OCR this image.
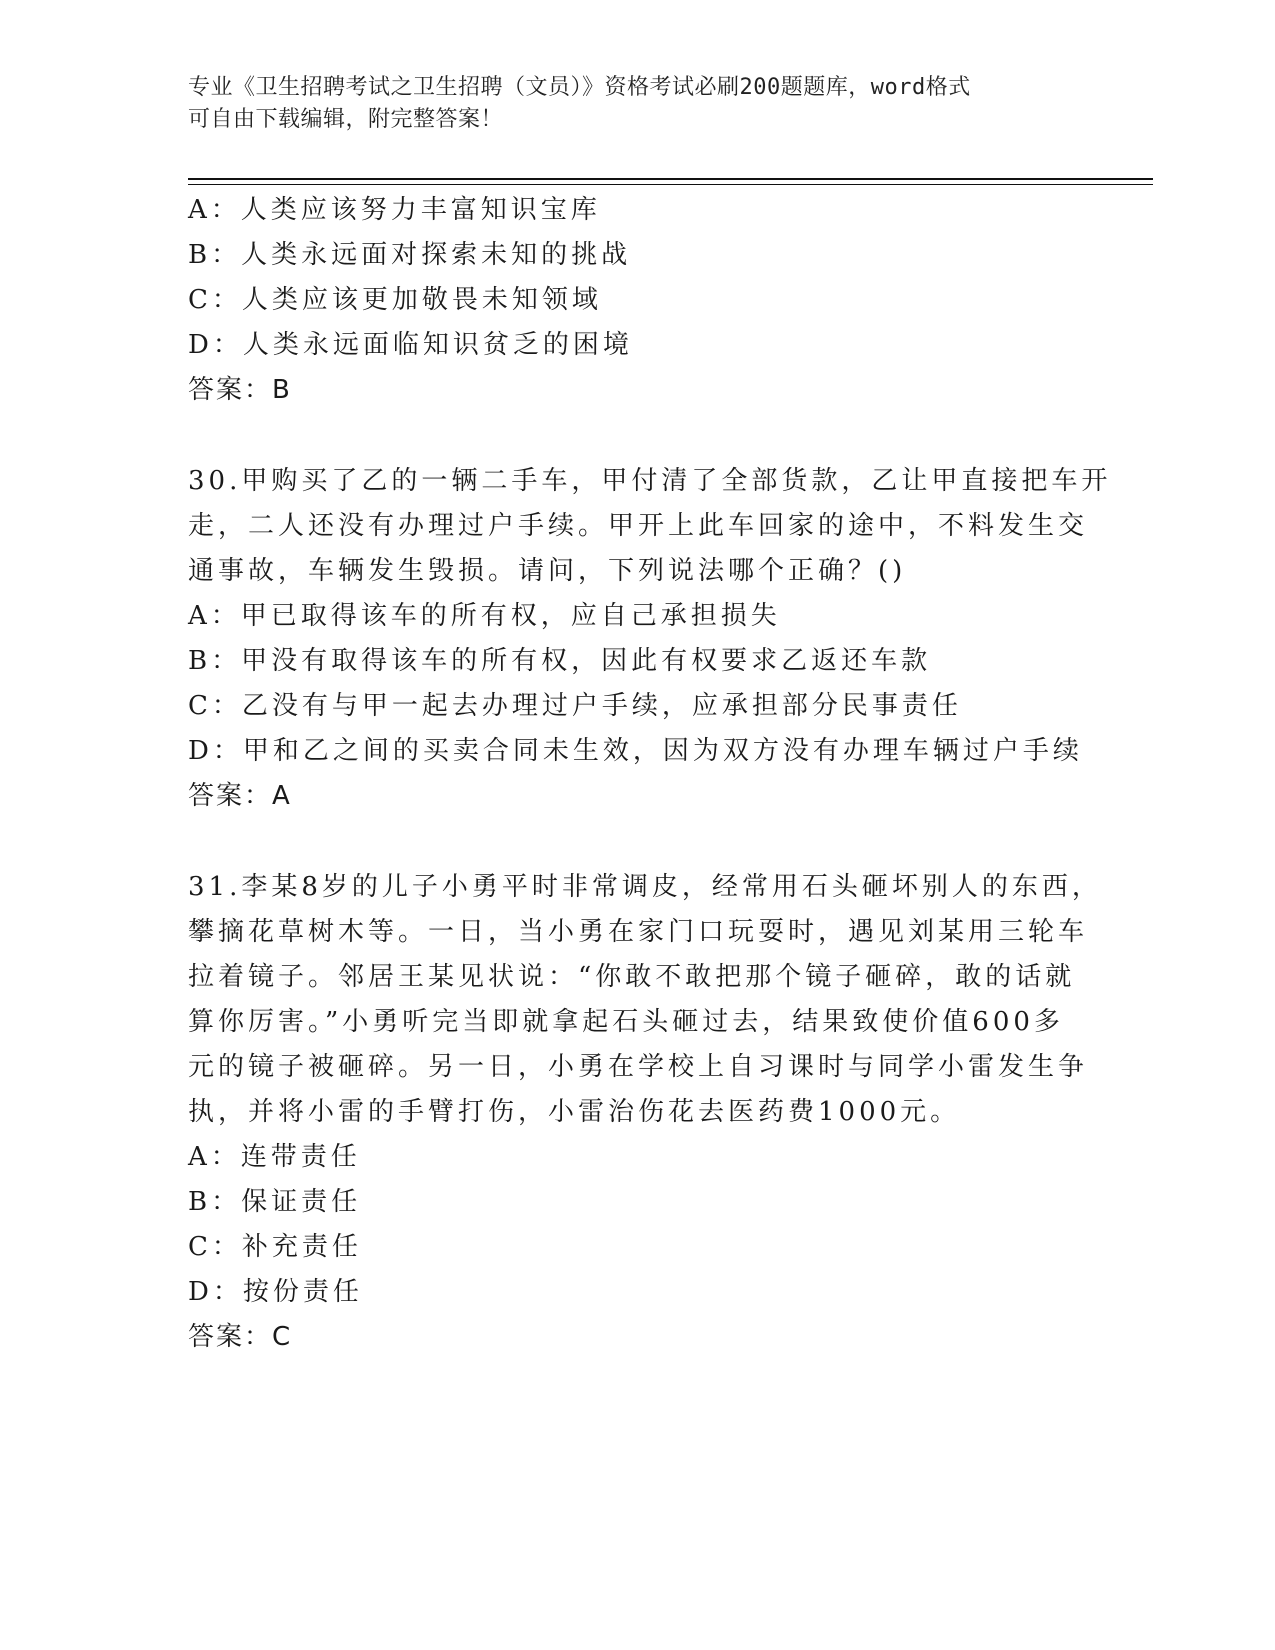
专业《卫生招聘考试之卫生招聘（文员）》资格考试必刷200题题库，word格式
可自由下载编辑，附完整答案！
A：人类应该努力丰富知识宝库
B：人类永远面对探索未知的挑战
C：人类应该更加敬畏未知领域
D：人类永远面临知识贫乏的困境
答案：B
30.甲购买了乙的一辆二手车，甲付清了全部货款，乙让甲直接把车开
走，二人还没有办理过户手续。甲开上此车回家的途中，不料发生交
通事故，车辆发生毁损。请问，下列说法哪个正确？()
A：甲已取得该车的所有权，应自己承担损失
B：甲没有取得该车的所有权，因此有权要求乙返还车款
C：乙没有与甲一起去办理过户手续，应承担部分民事责任
D：甲和乙之间的买卖合同未生效，因为双方没有办理车辆过户手续
答案：A
31.李某8岁的儿子小勇平时非常调皮，经常用石头砸坏别人的东西，
攀摘花草树木等。一日，当小勇在家门口玩耍时，遇见刘某用三轮车
拉着镜子。邻居王某见状说：“你敢不敢把那个镜子砸碎，敢的话就
算你厉害。”小勇听完当即就拿起石头砸过去，结果致使价值600多
元的镜子被砸碎。另一日，小勇在学校上自习课时与同学小雷发生争
执，并将小雷的手臂打伤，小雷治伤花去医药费1000元。
A：连带责任
B：保证责任
C：补充责任
D：按份责任
答案：C
